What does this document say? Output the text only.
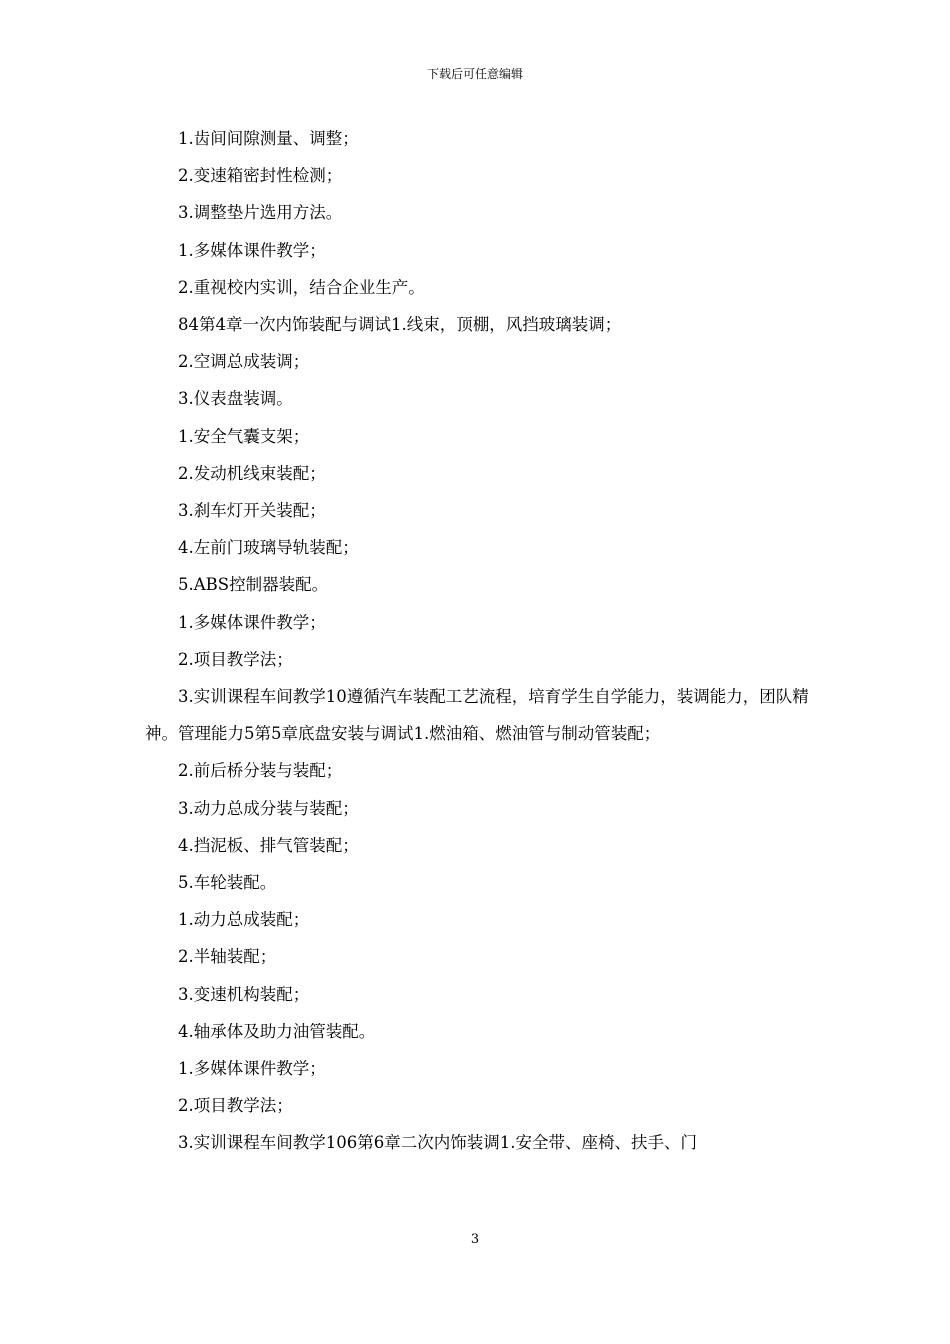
下载后可任意编辑

1.齿间间隙测量、调整；

2.变速箱密封性检测；

3.调整垫片选用方法。

1.多媒体课件教学；

2.重视校内实训，结合企业生产。

84第4章一次内饰装配与调试1.线束，顶棚，风挡玻璃装调；

2.空调总成装调；

3.仪表盘装调。

1.安全气囊支架；

2.发动机线束装配；

3.刹车灯开关装配；

4.左前门玻璃导轨装配；

5.ABS控制器装配。

1.多媒体课件教学；

2.项目教学法；

3.实训课程车间教学10遵循汽车装配工艺流程，培育学生自学能力，装调能力，团队精神。管理能力5第5章底盘安装与调试1.燃油箱、燃油管与制动管装配；

2.前后桥分装与装配；

3.动力总成分装与装配；

4.挡泥板、排气管装配；

5.车轮装配。

1.动力总成装配；

2.半轴装配；

3.变速机构装配；

4.轴承体及助力油管装配。

1.多媒体课件教学；

2.项目教学法；

3.实训课程车间教学106第6章二次内饰装调1.安全带、座椅、扶手、门

3
